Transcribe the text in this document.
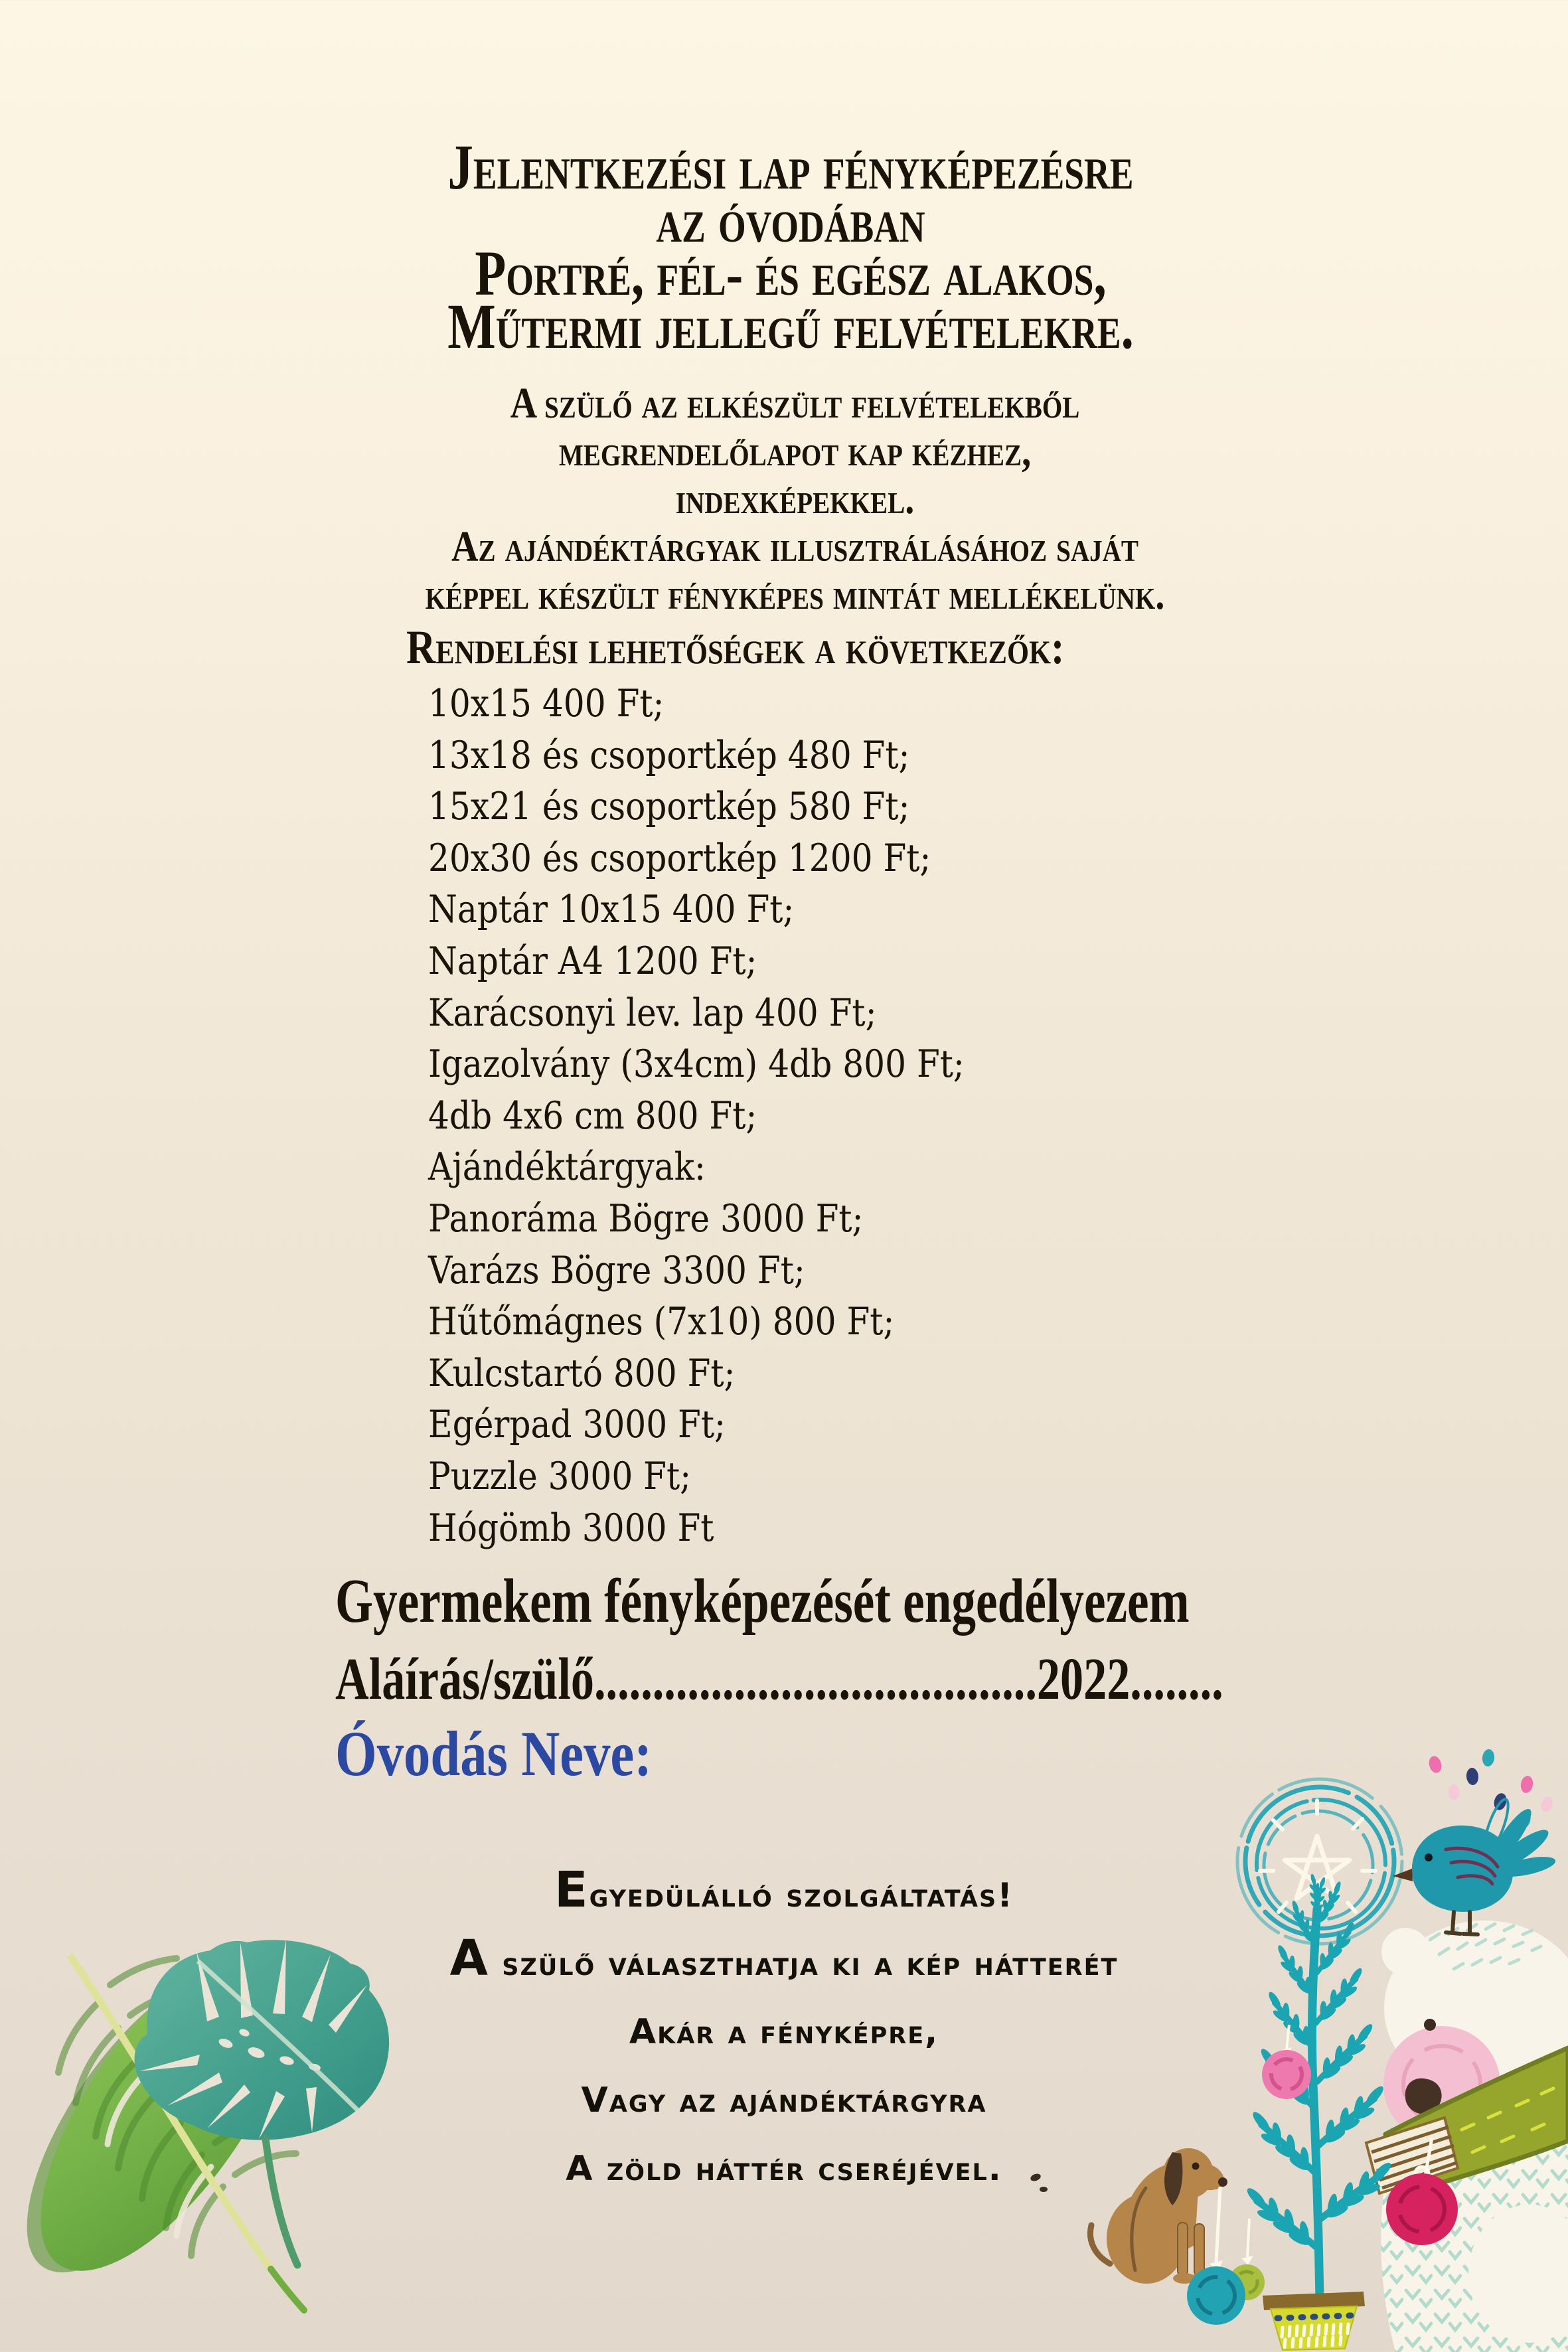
Jelentkezési lap fényképezésre
az óvodában
Portré, fél- és egész alakos,
Műtermi jellegű felvételekre.
A szülő az elkészült felvételekből
megrendelőlapot kap kézhez,
indexképekkel.
Az ajándéktárgyak illusztrálásához saját
képpel készült fényképes mintát mellékelünk.
Rendelési lehetőségek a következők:
10x15 400 Ft;
13x18 és csoportkép 480 Ft;
15x21 és csoportkép 580 Ft;
20x30 és csoportkép 1200 Ft;
Naptár 10x15 400 Ft;
Naptár A4 1200 Ft;
Karácsonyi lev. lap 400 Ft;
Igazolvány (3x4cm) 4db 800 Ft;
4db 4x6 cm 800 Ft;
Ajándéktárgyak:
Panoráma Bögre 3000 Ft;
Varázs Bögre 3300 Ft;
Hűtőmágnes (7x10) 800 Ft;
Kulcstartó 800 Ft;
Egérpad 3000 Ft;
Puzzle 3000 Ft;
Hógömb 3000 Ft
Gyermekem fényképezését engedélyezem
Aláírás/szülő......................................2022........
Óvodás Neve:
Egyedülálló szolgáltatás!
A szülő választhatja ki a kép hátterét
akár a fényképre,
vagy az ajándéktárgyra
a zöld háttér cseréjével.
